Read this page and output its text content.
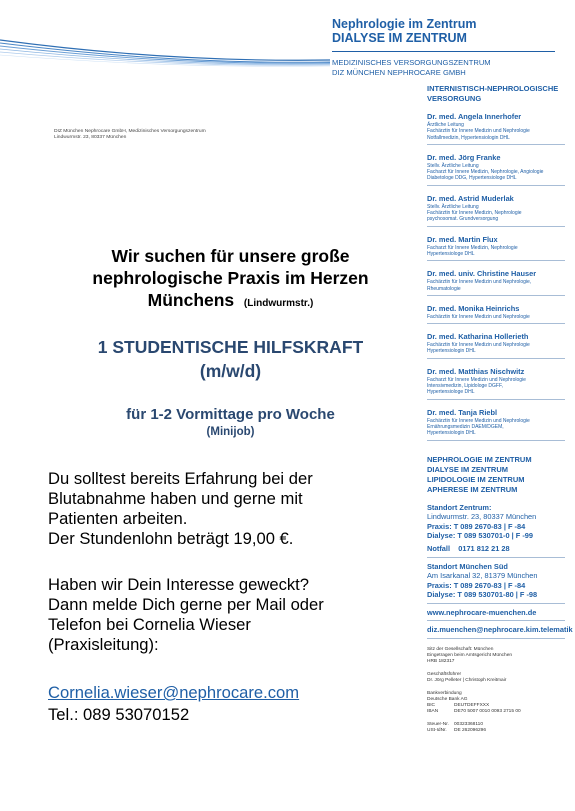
Nephrologie im Zentrum
DIALYSE IM ZENTRUM
MEDIZINISCHES VERSORGUNGSZENTRUM
DIZ MÜNCHEN NEPHROCARE GMBH
DIZ München Nephrocare GmbH, Medizinisches Versorgungszentrum
Lindwurmstr. 23, 80337 München
Wir suchen für unsere große
nephrologische Praxis im Herzen
Münchens (Lindwurmstr.)
1 STUDENTISCHE HILFSKRAFT
(m/w/d)
für 1-2 Vormittage pro Woche
(Minijob)
Du solltest bereits Erfahrung bei der
Blutabnahme haben und gerne mit
Patienten arbeiten.
Der Stundenlohn beträgt 19,00 €.
Haben wir Dein Interesse geweckt?
Dann melde Dich gerne per Mail oder
Telefon bei Cornelia Wieser
(Praxisleitung):
Cornelia.wieser@nephrocare.com
Tel.: 089 53070152
INTERNISTISCH-NEPHROLOGISCHE
VERSORGUNG
Dr. med. Angela Innerhofer
Ärztliche Leitung
Fachärztin für Innere Medizin und Nephrologie
Notfallmedizin, Hypertensiologin DHL
Dr. med. Jörg Franke
Stellv. Ärztliche Leitung
Facharzt für Innere Medizin, Nephrologie, Angiologie
Diabetologe DDG, Hypertensiologe DHL
Dr. med. Astrid Muderlak
Stellv. Ärztliche Leitung
Fachärztin für Innere Medizin, Nephrologie
psychosomat. Grundversorgung
Dr. med. Martin Flux
Facharzt für Innere Medizin, Nephrologie
Hypertensiologe DHL
Dr. med. univ. Christine Hauser
Fachärztin für Innere Medizin und Nephrologie,
Rheumatologie
Dr. med. Monika Heinrichs
Fachärztin für Innere Medizin und Nephrologie
Dr. med. Katharina Hollerieth
Fachärztin für Innere Medizin und Nephrologie
Hypertensiologin DHL
Dr. med. Matthias Nischwitz
Facharzt für Innere Medizin und Nephrologie
Intensivmedizin, Lipidologe DGFF,
Hypertensiologe DHL
Dr. med. Tanja Riebl
Fachärztin für Innere Medizin und Nephrologie
Ernährungsmedizin DAEM/DGEM,
Hypertensiologin DHL
NEPHROLOGIE IM ZENTRUM
DIALYSE IM ZENTRUM
LIPIDOLOGIE IM ZENTRUM
APHERESE IM ZENTRUM
Standort Zentrum:
Lindwurmstr. 23, 80337 München
Praxis: T 089 2670-83 | F -84
Dialyse: T 089 530701-0 | F -99
Notfall 0171 812 21 28
Standort München Süd
Am Isarkanal 32, 81379 München
Praxis: T 089 2670-83 | F -84
Dialyse: T 089 530701-80 | F -98
www.nephrocare-muenchen.de
diz.muenchen@nephrocare.kim.telematik
Sitz der Gesellschaft: München
Eingetragen beim Amtsgericht München
HRB 182317
Geschäftsführer
Dr. Jörg Pelleter | Christoph Kreitmair
Bankverbindung
Deutsche Bank AG
BIC	DEUTDEFFXXX
IBAN	DE70 5007 0010 0093 2715 00
Steuer-Nr.	00323368110
USt-IdNr.	DE 262096296
